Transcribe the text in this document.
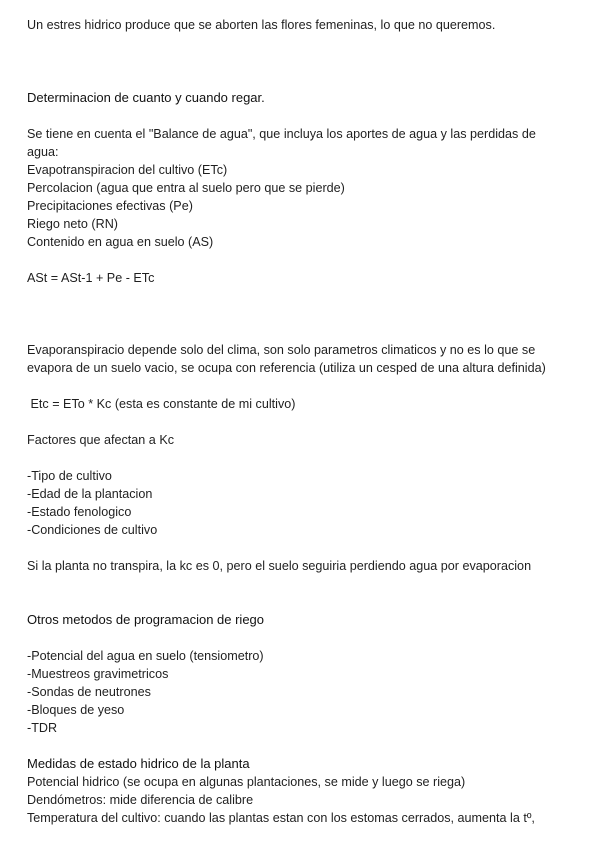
Un estres hidrico produce que se aborten las flores femeninas, lo que no queremos.
Determinacion de cuanto y cuando regar.
Se tiene en cuenta el "Balance de agua", que incluya los aportes de agua y las perdidas de
agua:
Evapotranspiracion del cultivo (ETc)
Percolacion (agua que entra al suelo pero que se pierde)
Precipitaciones efectivas (Pe)
Riego neto (RN)
Contenido en agua en suelo (AS)
ASt = ASt-1 + Pe - ETc
Evaporanspiracio depende solo del clima, son solo parametros climaticos y no es lo que se
evapora de un suelo vacio, se ocupa con referencia (utiliza un cesped de una altura definida)
Etc = ETo * Kc (esta es constante de mi cultivo)
Factores que afectan a Kc
-Tipo de cultivo
-Edad de la plantacion
-Estado fenologico
-Condiciones de cultivo
Si la planta no transpira, la kc es 0, pero el suelo seguiria perdiendo agua por evaporacion
Otros metodos de programacion de riego
-Potencial del agua en suelo (tensiometro)
-Muestreos gravimetricos
-Sondas de neutrones
-Bloques de yeso
-TDR
Medidas de estado hidrico de la planta
Potencial hidrico (se ocupa en algunas plantaciones, se mide y luego se riega)
Dendómetros: mide diferencia de calibre
Temperatura del cultivo: cuando las plantas estan con los estomas cerrados, aumenta la tº,
